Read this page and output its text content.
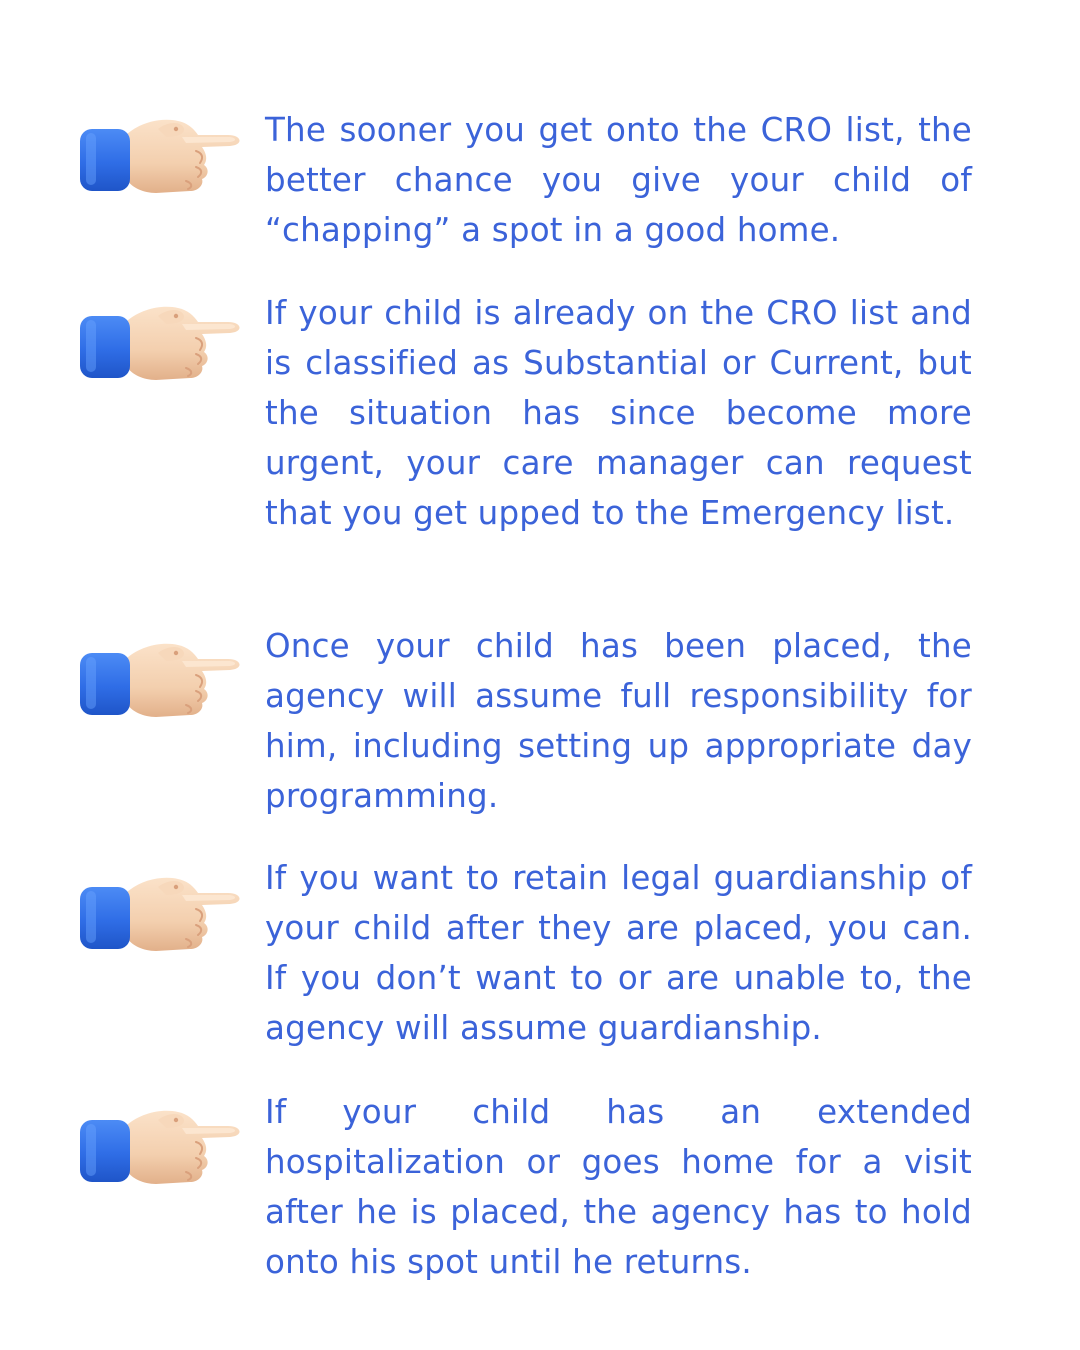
The sooner you get onto the CRO list, the better chance you give your child of “chapping” a spot in a good home.

If your child is already on the CRO list and is classified as Substantial or Current, but the situation has since become more urgent, your care manager can request that you get upped to the Emergency list.

Once your child has been placed, the agency will assume full responsibility for him, including setting up appropriate day programming.

If you want to retain legal guardianship of your child after they are placed, you can. If you don’t want to or are unable to, the agency will assume guardianship.

If your child has an extended hospitalization or goes home for a visit after he is placed, the agency has to hold onto his spot until he returns.
